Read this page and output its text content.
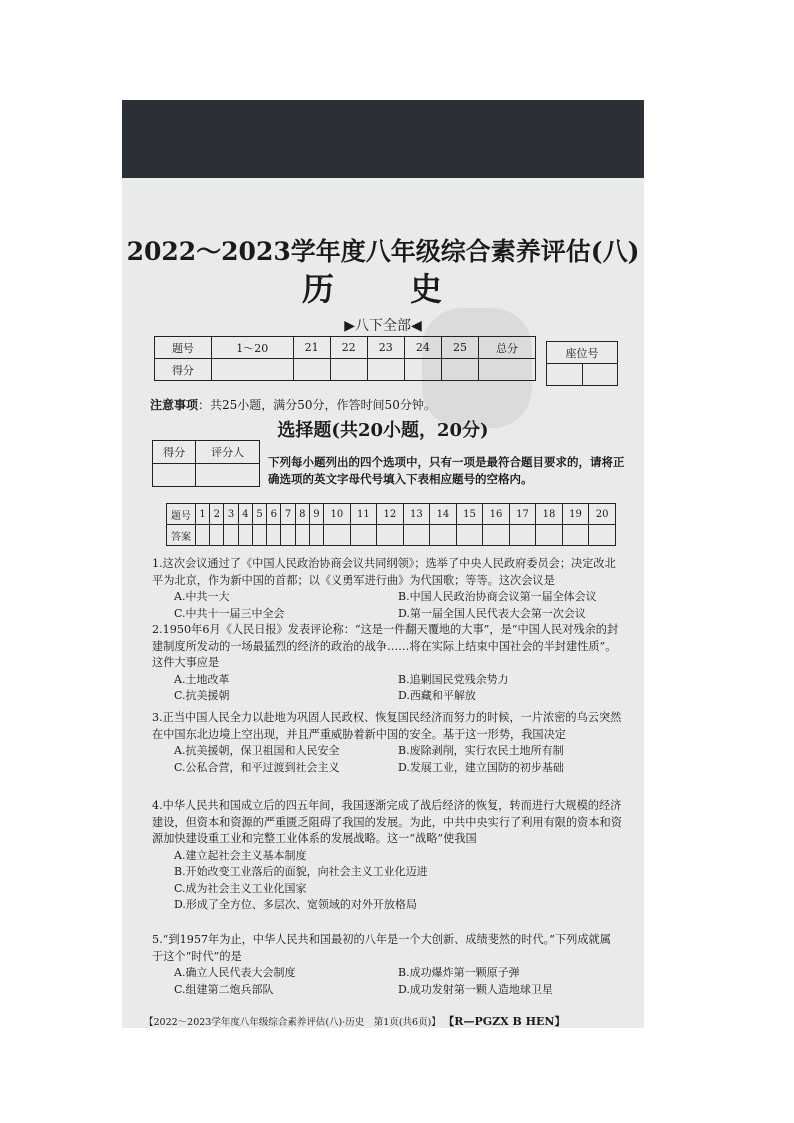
2022～2023学年度八年级综合素养评估(八)
历　史
▶八下全部◀
题号	1～20	21	22	23	24	25	总分
得分							
座位号

注意事项：共25小题，满分50分，作答时间50分钟。
选择题(共20小题，20分)
得分	评分人

下列每小题列出的四个选项中，只有一项是最符合题目要求的，请将正确选项的英文字母代号填入下表相应题号的空格内。
题号	1	2	3	4	5	6	7	8	9	10	11	12	13	14	15	16	17	18	19	20
答案																				
1.这次会议通过了《中国人民政治协商会议共同纲领》；选举了中央人民政府委员会；决定改北平为北京，作为新中国的首都；以《义勇军进行曲》为代国歌；等等。这次会议是
A.中共一大	B.中国人民政治协商会议第一届全体会议
C.中共十一届三中全会	D.第一届全国人民代表大会第一次会议
2.1950年6月《人民日报》发表评论称：“这是一件翻天覆地的大事”，是“中国人民对残余的封建制度所发动的一场最猛烈的经济的政治的战争……将在实际上结束中国社会的半封建性质”。这件大事应是
A.土地改革	B.追剿国民党残余势力
C.抗美援朝	D.西藏和平解放
3.正当中国人民全力以赴地为巩固人民政权、恢复国民经济而努力的时候，一片浓密的乌云突然在中国东北边境上空出现，并且严重威胁着新中国的安全。基于这一形势，我国决定
A.抗美援朝，保卫祖国和人民安全	B.废除剥削，实行农民土地所有制
C.公私合营，和平过渡到社会主义	D.发展工业，建立国防的初步基础
4.中华人民共和国成立后的四五年间，我国逐渐完成了战后经济的恢复，转而进行大规模的经济建设，但资本和资源的严重匮乏阻碍了我国的发展。为此，中共中央实行了利用有限的资本和资源加快建设重工业和完整工业体系的发展战略。这一“战略”使我国
A.建立起社会主义基本制度
B.开始改变工业落后的面貌，向社会主义工业化迈进
C.成为社会主义工业化国家
D.形成了全方位、多层次、宽领域的对外开放格局
5.“到1957年为止，中华人民共和国最初的八年是一个大创新、成绩斐然的时代。”下列成就属于这个“时代”的是
A.确立人民代表大会制度	B.成功爆炸第一颗原子弹
C.组建第二炮兵部队	D.成功发射第一颗人造地球卫星
【2022～2023学年度八年级综合素养评估(八)·历史　第1页(共6页)】 【R—PGZX B HEN】
